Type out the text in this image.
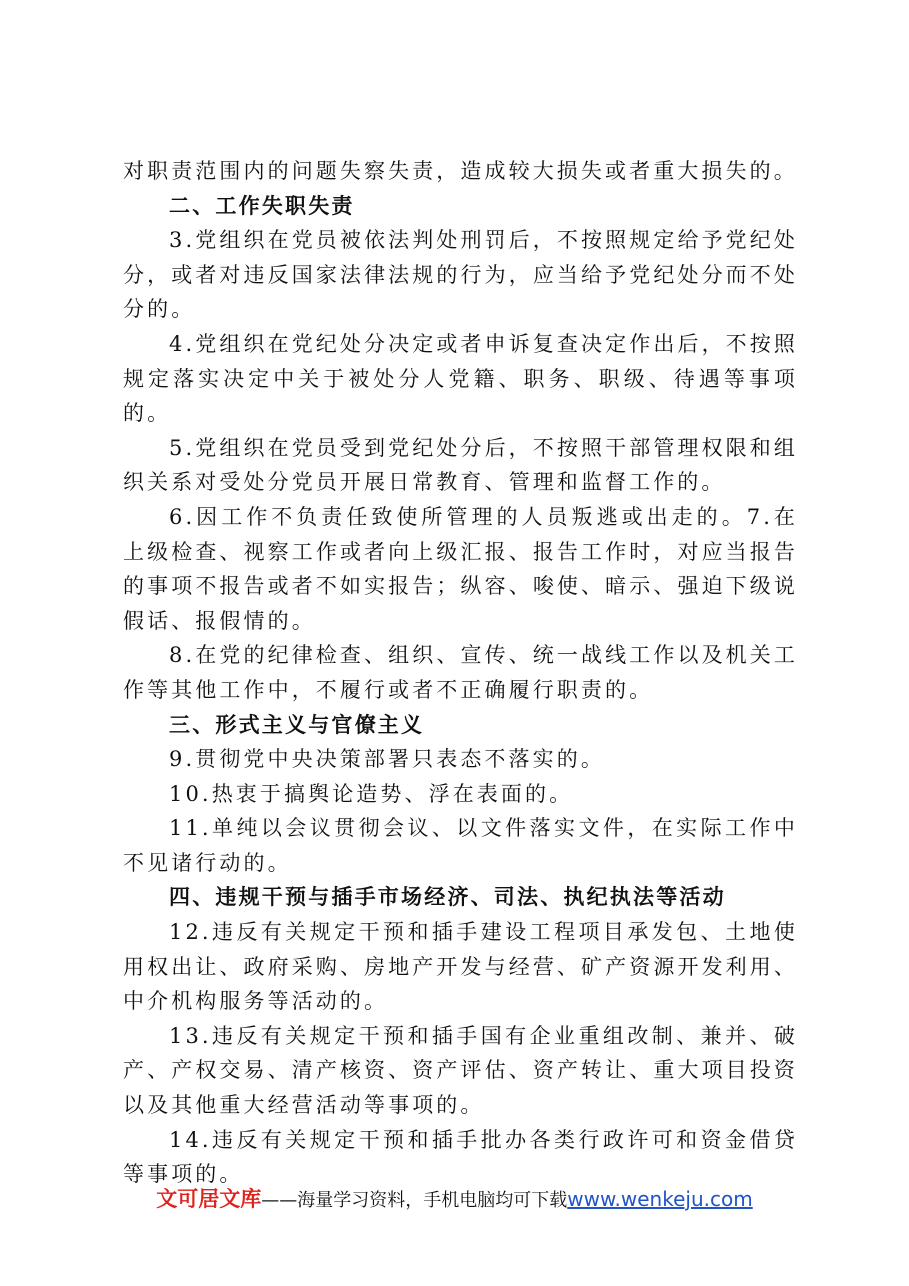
对职责范围内的问题失察失责，造成较大损失或者重大损失的。

二、工作失职失责

3.党组织在党员被依法判处刑罚后，不按照规定给予党纪处分，或者对违反国家法律法规的行为，应当给予党纪处分而不处分的。

4.党组织在党纪处分决定或者申诉复查决定作出后，不按照规定落实决定中关于被处分人党籍、职务、职级、待遇等事项的。

5.党组织在党员受到党纪处分后，不按照干部管理权限和组织关系对受处分党员开展日常教育、管理和监督工作的。

6.因工作不负责任致使所管理的人员叛逃或出走的。7.在上级检查、视察工作或者向上级汇报、报告工作时，对应当报告的事项不报告或者不如实报告；纵容、唆使、暗示、强迫下级说假话、报假情的。

8.在党的纪律检查、组织、宣传、统一战线工作以及机关工作等其他工作中，不履行或者不正确履行职责的。

三、形式主义与官僚主义

9.贯彻党中央决策部署只表态不落实的。

10.热衷于搞舆论造势、浮在表面的。

11.单纯以会议贯彻会议、以文件落实文件，在实际工作中不见诸行动的。

四、违规干预与插手市场经济、司法、执纪执法等活动

12.违反有关规定干预和插手建设工程项目承发包、土地使用权出让、政府采购、房地产开发与经营、矿产资源开发利用、中介机构服务等活动的。

13.违反有关规定干预和插手国有企业重组改制、兼并、破产、产权交易、清产核资、资产评估、资产转让、重大项目投资以及其他重大经营活动等事项的。

14.违反有关规定干预和插手批办各类行政许可和资金借贷等事项的。

文可居文库——海量学习资料，手机电脑均可下载www.wenkeju.com
